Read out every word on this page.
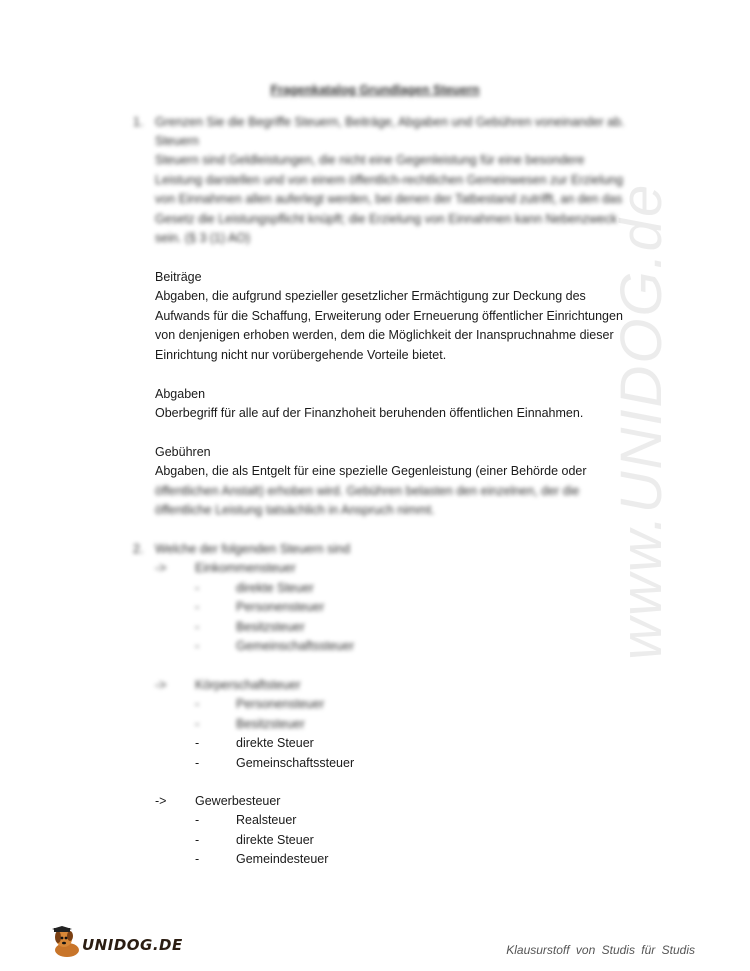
www.UNIDOG.de
Fragenkatalog Grundlagen Steuern
1. Grenzen Sie die Begriffe Steuern, Beiträge, Abgaben und Gebühren voneinander ab.
Steuern
Steuern sind Geldleistungen, die nicht eine Gegenleistung für eine besondere
Leistung darstellen und von einem öffentlich-rechtlichen Gemeinwesen zur Erzielung
von Einnahmen allen auferlegt werden, bei denen der Tatbestand zutrifft, an den das
Gesetz die Leistungspflicht knüpft; die Erzielung von Einnahmen kann Nebenzweck
sein. (§ 3 (1) AO)
Beiträge
Abgaben, die aufgrund spezieller gesetzlicher Ermächtigung zur Deckung des
Aufwands für die Schaffung, Erweiterung oder Erneuerung öffentlicher Einrichtungen
von denjenigen erhoben werden, dem die Möglichkeit der Inanspruchnahme dieser
Einrichtung nicht nur vorübergehende Vorteile bietet.
Abgaben
Oberbegriff für alle auf der Finanzhoheit beruhenden öffentlichen Einnahmen.
Gebühren
Abgaben, die als Entgelt für eine spezielle Gegenleistung (einer Behörde oder
öffentlichen Anstalt) erhoben wird. Gebühren belasten den einzelnen, der die
öffentliche Leistung tatsächlich in Anspruch nimmt.
2. Welche der folgenden Steuern sind
-> Einkommensteuer
-	direkte Steuer
-	Personensteuer
-	Besitzsteuer
-	Gemeinschaftssteuer
-> Körperschaftsteuer
-	Personensteuer
-	Besitzsteuer
-	direkte Steuer
-	Gemeinschaftssteuer
-> Gewerbesteuer
-	Realsteuer
-	direkte Steuer
-	Gemeindesteuer
UNIDOG.DE	Klausurstoff von Studis für Studis
